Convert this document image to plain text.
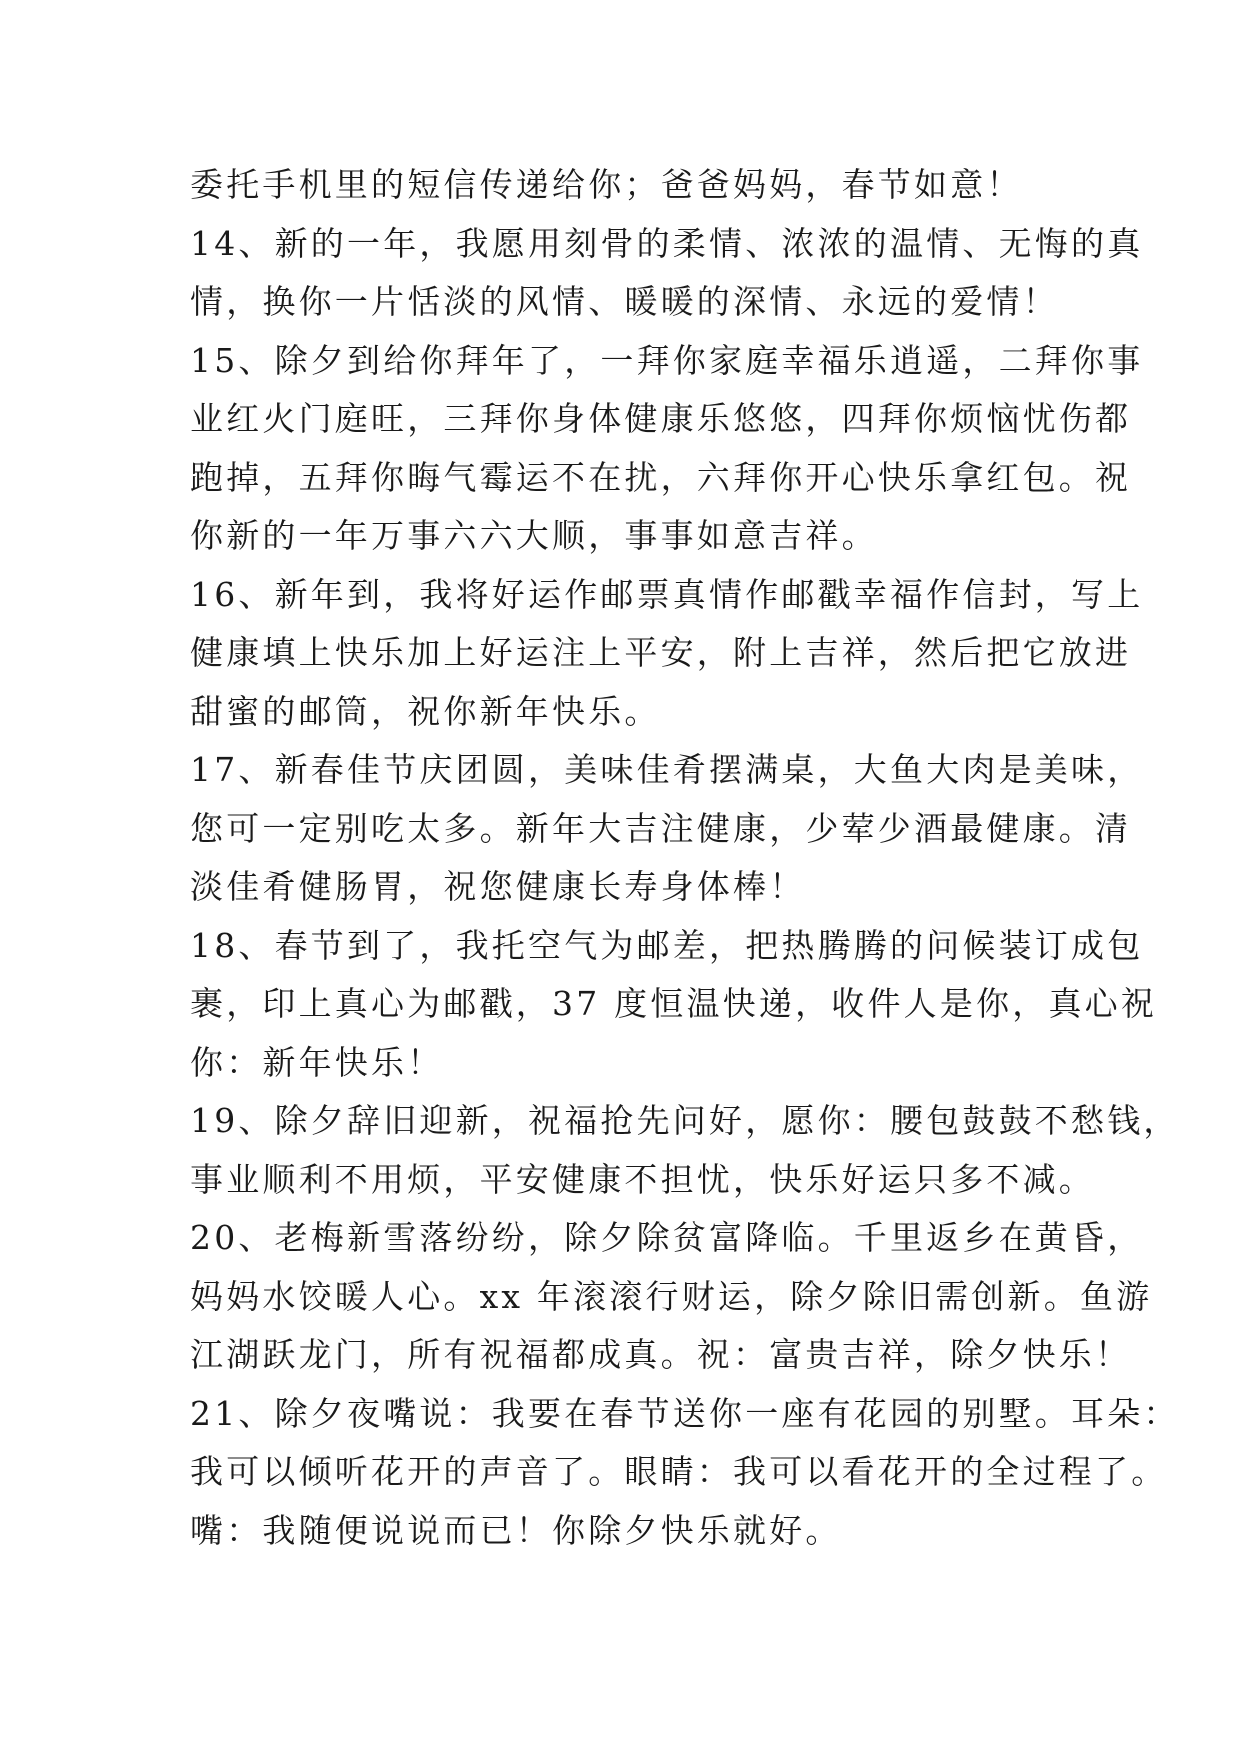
委托手机里的短信传递给你；爸爸妈妈，春节如意！
14、新的一年，我愿用刻骨的柔情、浓浓的温情、无悔的真
情，换你一片恬淡的风情、暖暖的深情、永远的爱情！
15、除夕到给你拜年了，一拜你家庭幸福乐逍遥，二拜你事
业红火门庭旺，三拜你身体健康乐悠悠，四拜你烦恼忧伤都
跑掉，五拜你晦气霉运不在扰，六拜你开心快乐拿红包。祝
你新的一年万事六六大顺，事事如意吉祥。
16、新年到，我将好运作邮票真情作邮戳幸福作信封，写上
健康填上快乐加上好运注上平安，附上吉祥，然后把它放进
甜蜜的邮筒，祝你新年快乐。
17、新春佳节庆团圆，美味佳肴摆满桌，大鱼大肉是美味，
您可一定别吃太多。新年大吉注健康，少荤少酒最健康。清
淡佳肴健肠胃，祝您健康长寿身体棒！
18、春节到了，我托空气为邮差，把热腾腾的问候装订成包
裹，印上真心为邮戳，37 度恒温快递，收件人是你，真心祝
你：新年快乐！
19、除夕辞旧迎新，祝福抢先问好，愿你：腰包鼓鼓不愁钱，
事业顺利不用烦，平安健康不担忧，快乐好运只多不减。
20、老梅新雪落纷纷，除夕除贫富降临。千里返乡在黄昏，
妈妈水饺暖人心。xx 年滚滚行财运，除夕除旧需创新。鱼游
江湖跃龙门，所有祝福都成真。祝：富贵吉祥，除夕快乐！
21、除夕夜嘴说：我要在春节送你一座有花园的别墅。耳朵：
我可以倾听花开的声音了。眼睛：我可以看花开的全过程了。
嘴：我随便说说而已！你除夕快乐就好。
